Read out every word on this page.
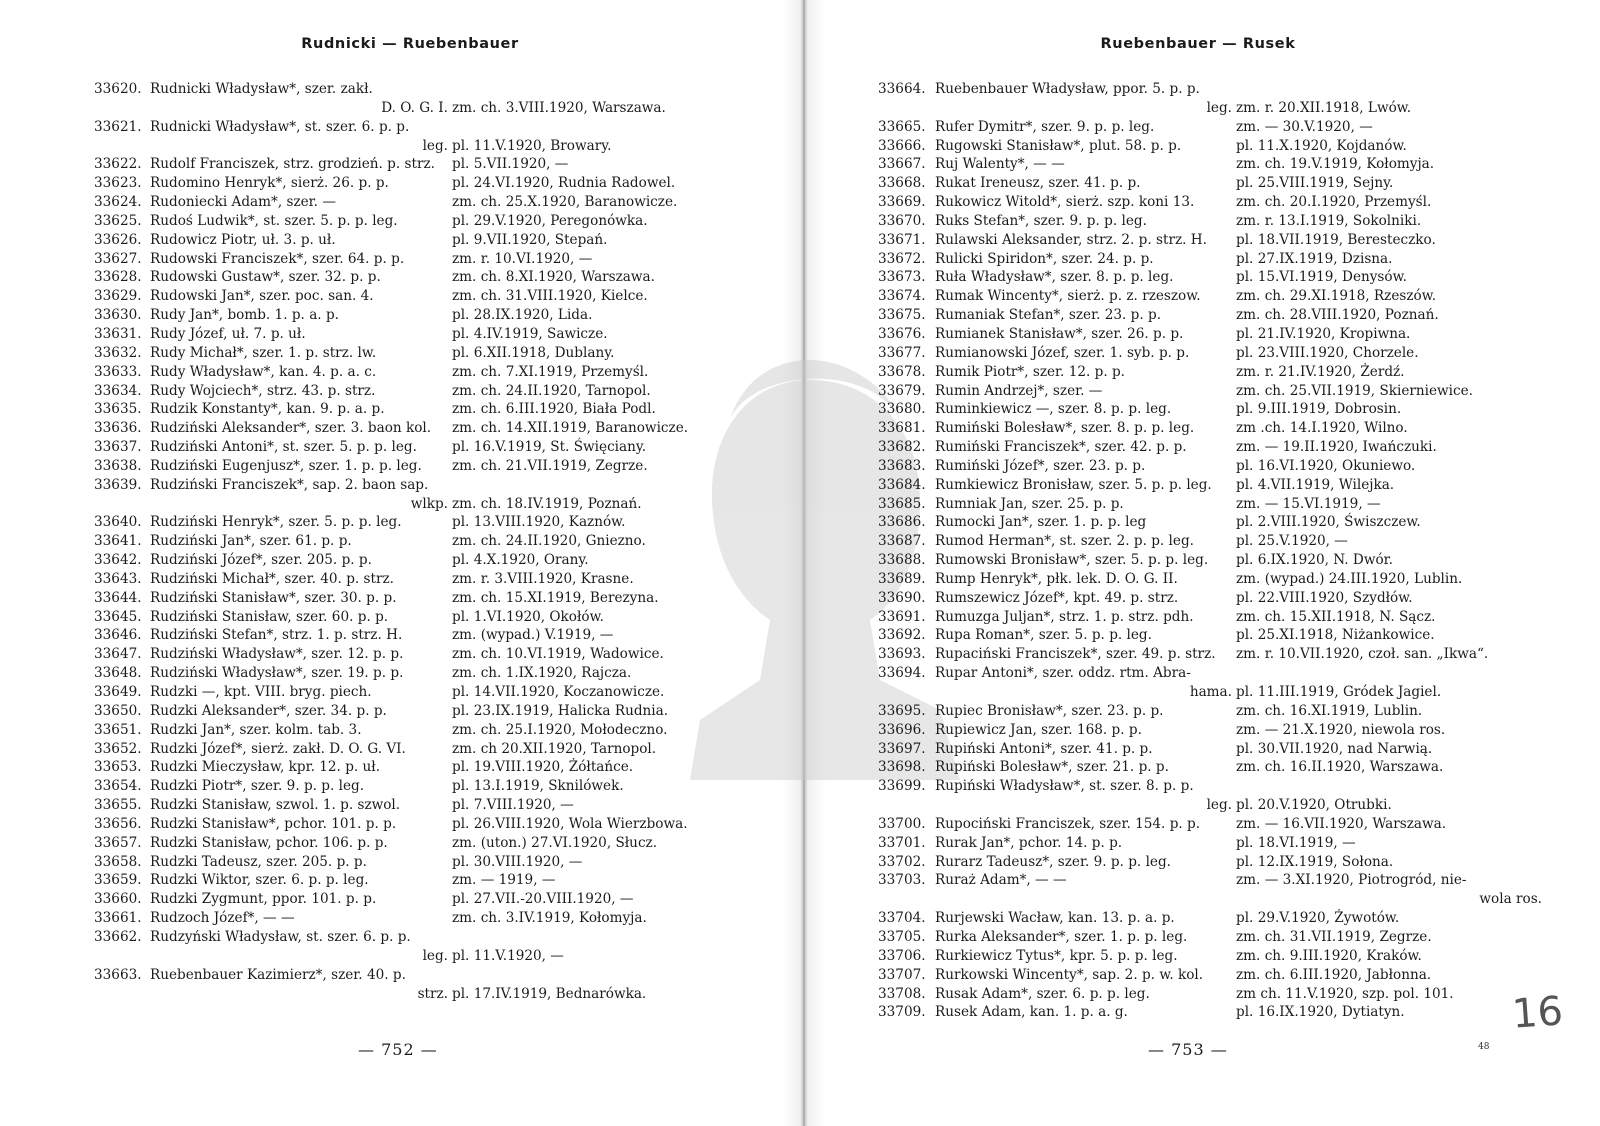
Rudnicki — Ruebenbauer
33620. Rudnicki Władysław*, szer. zakł.
D. O. G. I. zm. ch. 3.VIII.1920, Warszawa.
33621. Rudnicki Władysław*, st. szer. 6. p. p.
leg. pl. 11.V.1920, Browary.
33622. Rudolf Franciszek, strz. grodzień. p. strz. pl. 5.VII.1920, —
33623. Rudomino Henryk*, sierż. 26. p. p.	pl. 24.VI.1920, Rudnia Radowel.
33624. Rudoniecki Adam*, szer. —	zm. ch. 25.X.1920, Baranowicze.
33625. Rudoś Ludwik*, st. szer. 5. p. p. leg.	pl. 29.V.1920, Peregonówka.
33626. Rudowicz Piotr, uł. 3. p. uł.	pl. 9.VII.1920, Stepań.
33627. Rudowski Franciszek*, szer. 64. p. p.	zm. r. 10.VI.1920, —
33628. Rudowski Gustaw*, szer. 32. p. p.	zm. ch. 8.XI.1920, Warszawa.
33629. Rudowski Jan*, szer. poc. san. 4.	zm. ch. 31.VIII.1920, Kielce.
33630. Rudy Jan*, bomb. 1. p. a. p.	pl. 28.IX.1920, Lida.
33631. Rudy Józef, uł. 7. p. uł.	pl. 4.IV.1919, Sawicze.
33632. Rudy Michał*, szer. 1. p. strz. lw.	pl. 6.XII.1918, Dublany.
33633. Rudy Władysław*, kan. 4. p. a. c.	zm. ch. 7.XI.1919, Przemyśl.
33634. Rudy Wojciech*, strz. 43. p. strz.	zm. ch. 24.II.1920, Tarnopol.
33635. Rudzik Konstanty*, kan. 9. p. a. p.	zm. ch. 6.III.1920, Biała Podl.
33636. Rudziński Aleksander*, szer. 3. baon kol. zm. ch. 14.XII.1919, Baranowicze.
33637. Rudziński Antoni*, st. szer. 5. p. p. leg.	pl. 16.V.1919, St. Święciany.
33638. Rudziński Eugenjusz*, szer. 1. p. p. leg. zm. ch. 21.VII.1919, Zegrze.
33639. Rudziński Franciszek*, sap. 2. baon sap.
wlkp. zm. ch. 18.IV.1919, Poznań.
33640. Rudziński Henryk*, szer. 5. p. p. leg.	pl. 13.VIII.1920, Kaznów.
33641. Rudziński Jan*, szer. 61. p. p.	zm. ch. 24.II.1920, Gniezno.
33642. Rudziński Józef*, szer. 205. p. p.	pl. 4.X.1920, Orany.
33643. Rudziński Michał*, szer. 40. p. strz.	zm. r. 3.VIII.1920, Krasne.
33644. Rudziński Stanisław*, szer. 30. p. p.	zm. ch. 15.XI.1919, Berezyna.
33645. Rudziński Stanisław, szer. 60. p. p.	pl. 1.VI.1920, Okołów.
33646. Rudziński Stefan*, strz. 1. p. strz. H.	zm. (wypad.) V.1919, —
33647. Rudziński Władysław*, szer. 12. p. p.	zm. ch. 10.VI.1919, Wadowice.
33648. Rudziński Władysław*, szer. 19. p. p.	zm. ch. 1.IX.1920, Rajcza.
33649. Rudzki —, kpt. VIII. bryg. piech.	pl. 14.VII.1920, Koczanowicze.
33650. Rudzki Aleksander*, szer. 34. p. p.	pl. 23.IX.1919, Halicka Rudnia.
33651. Rudzki Jan*, szer. kolm. tab. 3.	zm. ch. 25.I.1920, Mołodeczno.
33652. Rudzki Józef*, sierż. zakł. D. O. G. VI.	zm. ch 20.XII.1920, Tarnopol.
33653. Rudzki Mieczysław, kpr. 12. p. uł.	pl. 19.VIII.1920, Żółtańce.
33654. Rudzki Piotr*, szer. 9. p. p. leg.	pl. 13.I.1919, Sknilówek.
33655. Rudzki Stanisław, szwol. 1. p. szwol.	pl. 7.VIII.1920, —
33656. Rudzki Stanisław*, pchor. 101. p. p.	pl. 26.VIII.1920, Wola Wierzbowa.
33657. Rudzki Stanisław, pchor. 106. p. p.	zm. (uton.) 27.VI.1920, Słucz.
33658. Rudzki Tadeusz, szer. 205. p. p.	pl. 30.VIII.1920, —
33659. Rudzki Wiktor, szer. 6. p. p. leg.	zm. — 1919, —
33660. Rudzki Zygmunt, ppor. 101. p. p.	pl. 27.VII.-20.VIII.1920, —
33661. Rudzoch Józef*, — —	zm. ch. 3.IV.1919, Kołomyja.
33662. Rudzyński Władysław, st. szer. 6. p. p.
leg. pl. 11.V.1920, —
33663. Ruebenbauer Kazimierz*, szer. 40. p.
strz. pl. 17.IV.1919, Bednarówka.
— 752 —
Ruebenbauer — Rusek
33664. Ruebenbauer Władysław, ppor. 5. p. p.
leg. zm. r. 20.XII.1918, Lwów.
33665. Rufer Dymitr*, szer. 9. p. p. leg.	zm. — 30.V.1920, —
33666. Rugowski Stanisław*, plut. 58. p. p.	pl. 11.X.1920, Kojdanów.
33667. Ruj Walenty*, — —	zm. ch. 19.V.1919, Kołomyja.
33668. Rukat Ireneusz, szer. 41. p. p.	pl. 25.VIII.1919, Sejny.
33669. Rukowicz Witold*, sierż. szp. koni 13.	zm. ch. 20.I.1920, Przemyśl.
33670. Ruks Stefan*, szer. 9. p. p. leg.	zm. r. 13.I.1919, Sokolniki.
33671. Rulawski Aleksander, strz. 2. p. strz. H. pl. 18.VII.1919, Beresteczko.
33672. Rulicki Spiridon*, szer. 24. p. p.	pl. 27.IX.1919, Dzisna.
33673. Ruła Władysław*, szer. 8. p. p. leg.	pl. 15.VI.1919, Denysów.
33674. Rumak Wincenty*, sierż. p. z. rzeszow.	zm. ch. 29.XI.1918, Rzeszów.
33675. Rumaniak Stefan*, szer. 23. p. p.	zm. ch. 28.VIII.1920, Poznań.
33676. Rumianek Stanisław*, szer. 26. p. p.	pl. 21.IV.1920, Kropiwna.
33677. Rumianowski Józef, szer. 1. syb. p. p.	pl. 23.VIII.1920, Chorzele.
33678. Rumik Piotr*, szer. 12. p. p.	zm. r. 21.IV.1920, Żerdź.
33679. Rumin Andrzej*, szer. —	zm. ch. 25.VII.1919, Skierniewice.
33680. Ruminkiewicz —, szer. 8. p. p. leg.	pl. 9.III.1919, Dobrosin.
33681. Rumiński Bolesław*, szer. 8. p. p. leg.	zm .ch. 14.I.1920, Wilno.
33682. Rumiński Franciszek*, szer. 42. p. p.	zm. — 19.II.1920, Iwańczuki.
33683. Rumiński Józef*, szer. 23. p. p.	pl. 16.VI.1920, Okuniewo.
33684. Rumkiewicz Bronisław, szer. 5. p. p. leg. pl. 4.VII.1919, Wilejka.
33685. Rumniak Jan, szer. 25. p. p.	zm. — 15.VI.1919, —
33686. Rumocki Jan*, szer. 1. p. p. leg	pl. 2.VIII.1920, Świszczew.
33687. Rumod Herman*, st. szer. 2. p. p. leg.	pl. 25.V.1920, —
33688. Rumowski Bronisław*, szer. 5. p. p. leg. pl. 6.IX.1920, N. Dwór.
33689. Rump Henryk*, płk. lek. D. O. G. II.	zm. (wypad.) 24.III.1920, Lublin.
33690. Rumszewicz Józef*, kpt. 49. p. strz.	pl. 22.VIII.1920, Szydłów.
33691. Rumuzga Juljan*, strz. 1. p. strz. pdh.	zm. ch. 15.XII.1918, N. Sącz.
33692. Rupa Roman*, szer. 5. p. p. leg.	pl. 25.XI.1918, Niżankowice.
33693. Rupaciński Franciszek*, szer. 49. p. strz. zm. r. 10.VII.1920, czoł. san. „Ikwa“.
33694. Rupar Antoni*, szer. oddz. rtm. Abra-
hama. pl. 11.III.1919, Gródek Jagiel.
33695. Rupiec Bronisław*, szer. 23. p. p.	zm. ch. 16.XI.1919, Lublin.
33696. Rupiewicz Jan, szer. 168. p. p.	zm. — 21.X.1920, niewola ros.
33697. Rupiński Antoni*, szer. 41. p. p.	pl. 30.VII.1920, nad Narwią.
33698. Rupiński Bolesław*, szer. 21. p. p.	zm. ch. 16.II.1920, Warszawa.
33699. Rupiński Władysław*, st. szer. 8. p. p.
leg. pl. 20.V.1920, Otrubki.
33700. Rupociński Franciszek, szer. 154. p. p.	zm. — 16.VII.1920, Warszawa.
33701. Rurak Jan*, pchor. 14. p. p.	pl. 18.VI.1919, —
33702. Rurarz Tadeusz*, szer. 9. p. p. leg.	pl. 12.IX.1919, Sołona.
33703. Ruraż Adam*, — —	zm. — 3.XI.1920, Piotrogród, nie-
wola ros.
33704. Rurjewski Wacław, kan. 13. p. a. p.	pl. 29.V.1920, Żywotów.
33705. Rurka Aleksander*, szer. 1. p. p. leg.	zm. ch. 31.VII.1919, Zegrze.
33706. Rurkiewicz Tytus*, kpr. 5. p. p. leg.	zm. ch. 9.III.1920, Kraków.
33707. Rurkowski Wincenty*, sap. 2. p. w. kol. zm. ch. 6.III.1920, Jabłonna.
33708. Rusak Adam*, szer. 6. p. p. leg.	zm ch. 11.V.1920, szp. pol. 101.
33709. Rusek Adam, kan. 1. p. a. g.	pl. 16.IX.1920, Dytiatyn.
— 753 —	48
16
